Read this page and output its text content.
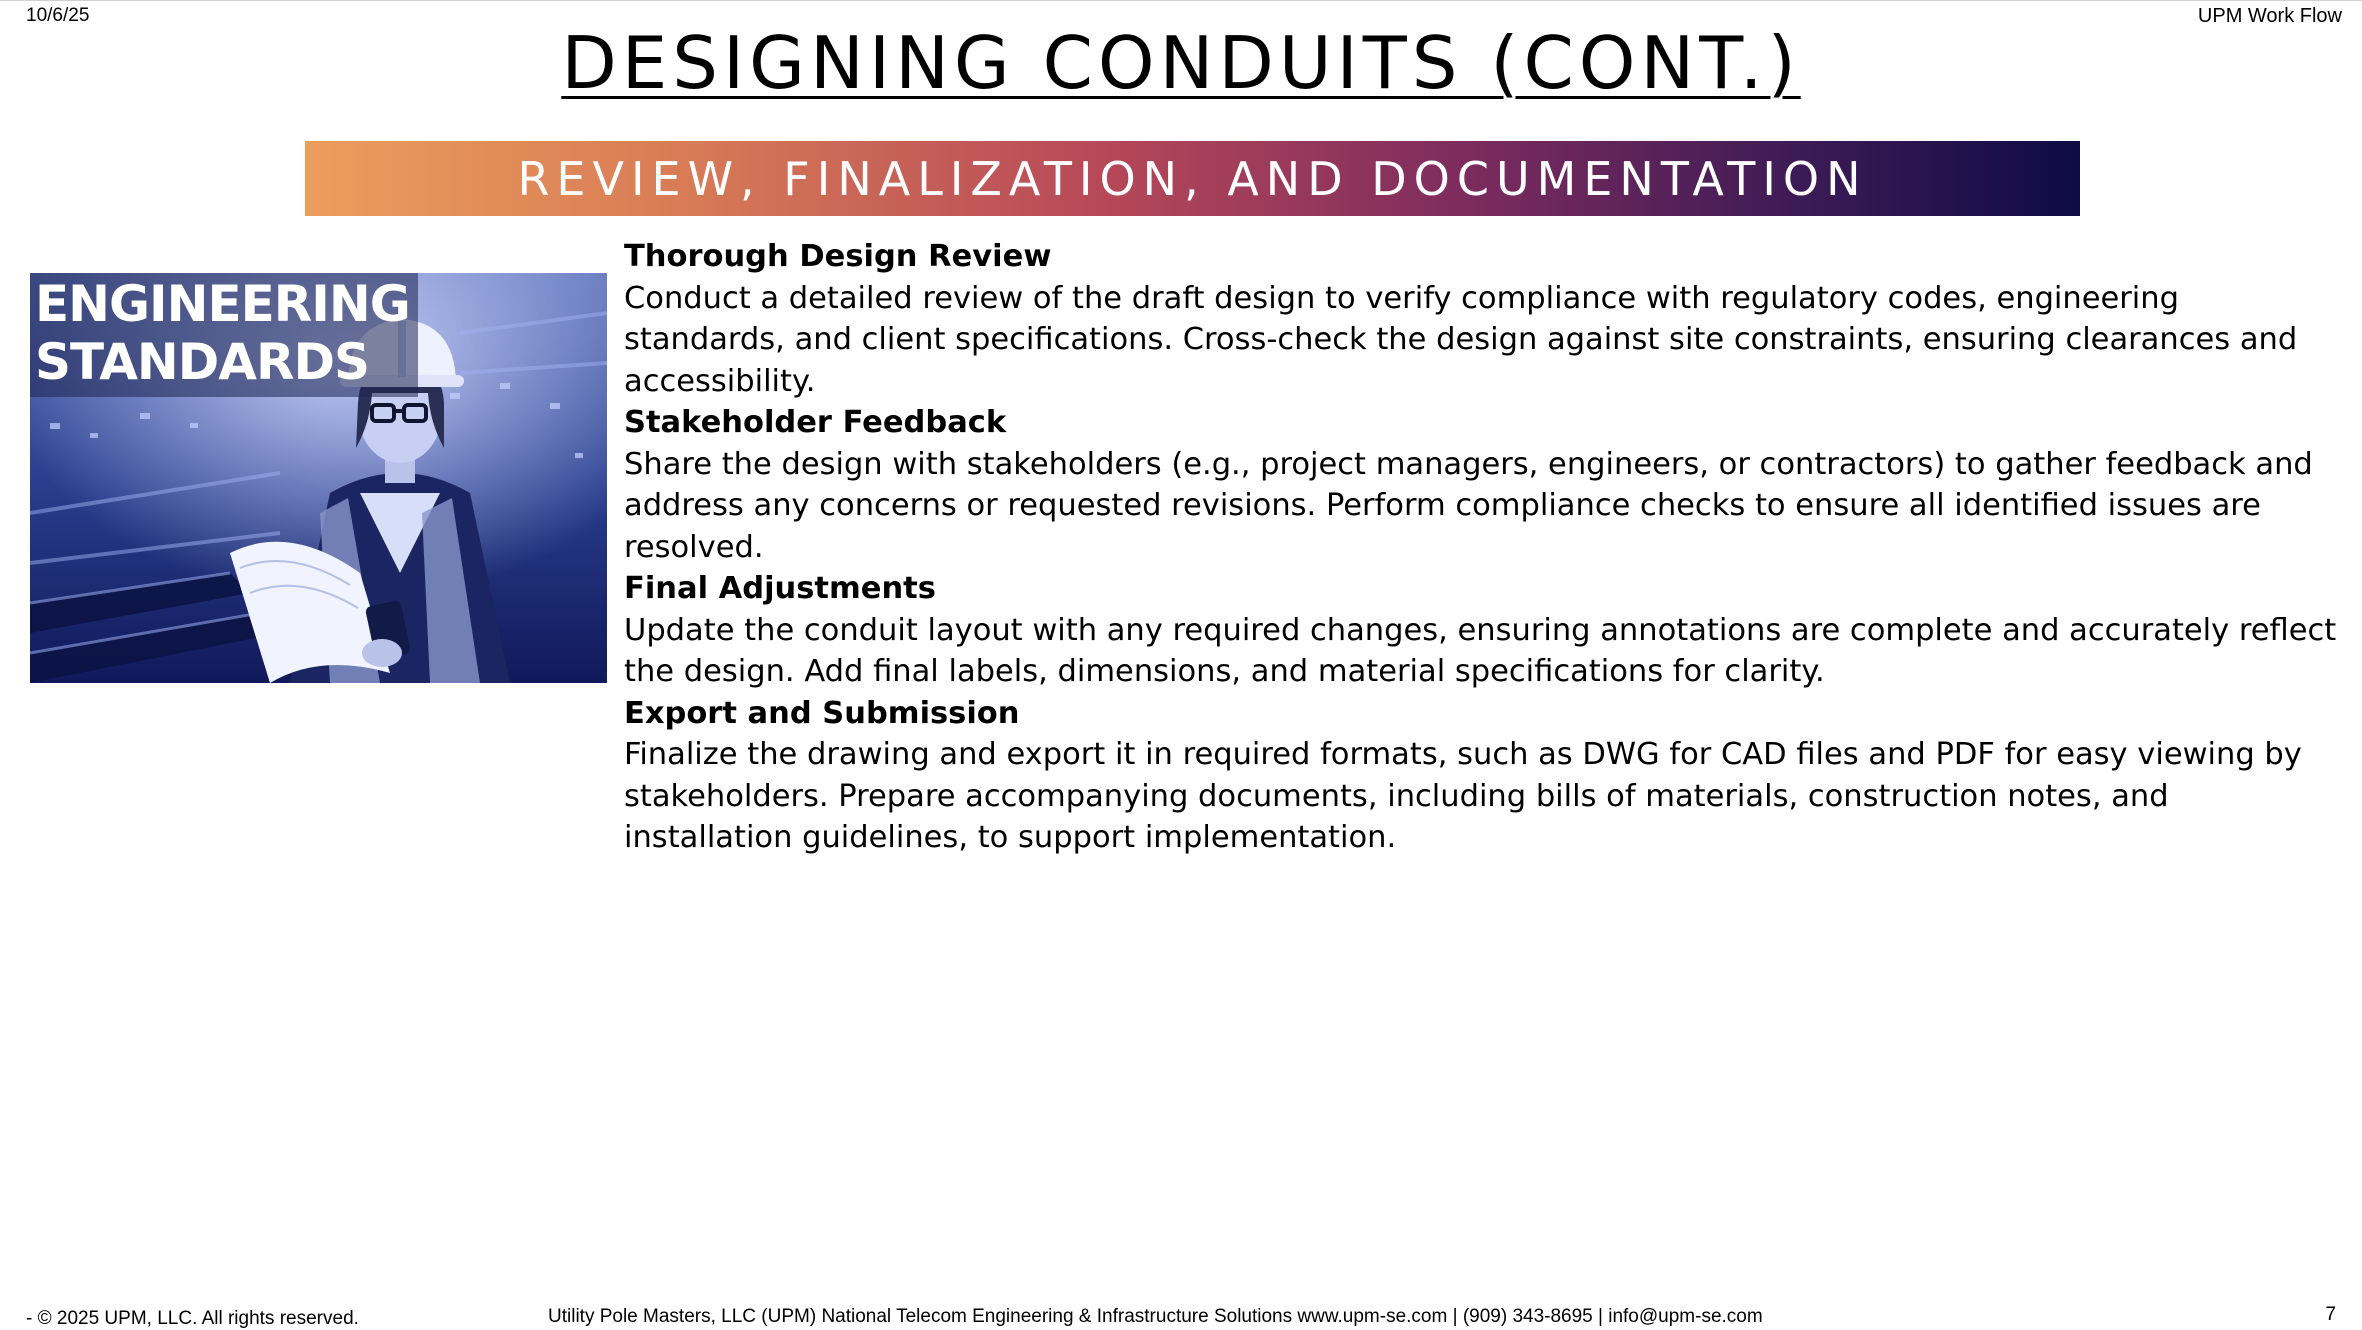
10/6/25	UPM Work Flow
DESIGNING CONDUITS (CONT.)
REVIEW, FINALIZATION, AND DOCUMENTATION
ENGINEERING
STANDARDS
Thorough Design Review

Conduct a detailed review of the draft design to verify compliance with regulatory codes, engineering standards, and client specifications. Cross-check the design against site constraints, ensuring clearances and accessibility.

Stakeholder Feedback

Share the design with stakeholders (e.g., project managers, engineers, or contractors) to gather feedback and address any concerns or requested revisions. Perform compliance checks to ensure all identified issues are resolved.

Final Adjustments

Update the conduit layout with any required changes, ensuring annotations are complete and accurately reflect the design. Add final labels, dimensions, and material specifications for clarity.

Export and Submission

Finalize the drawing and export it in required formats, such as DWG for CAD files and PDF for easy viewing by stakeholders. Prepare accompanying documents, including bills of materials, construction notes, and installation guidelines, to support implementation.

- © 2025 UPM, LLC. All rights reserved.	Utility Pole Masters, LLC (UPM) National Telecom Engineering & Infrastructure Solutions www.upm-se.com | (909) 343-8695 | info@upm-se.com	7
